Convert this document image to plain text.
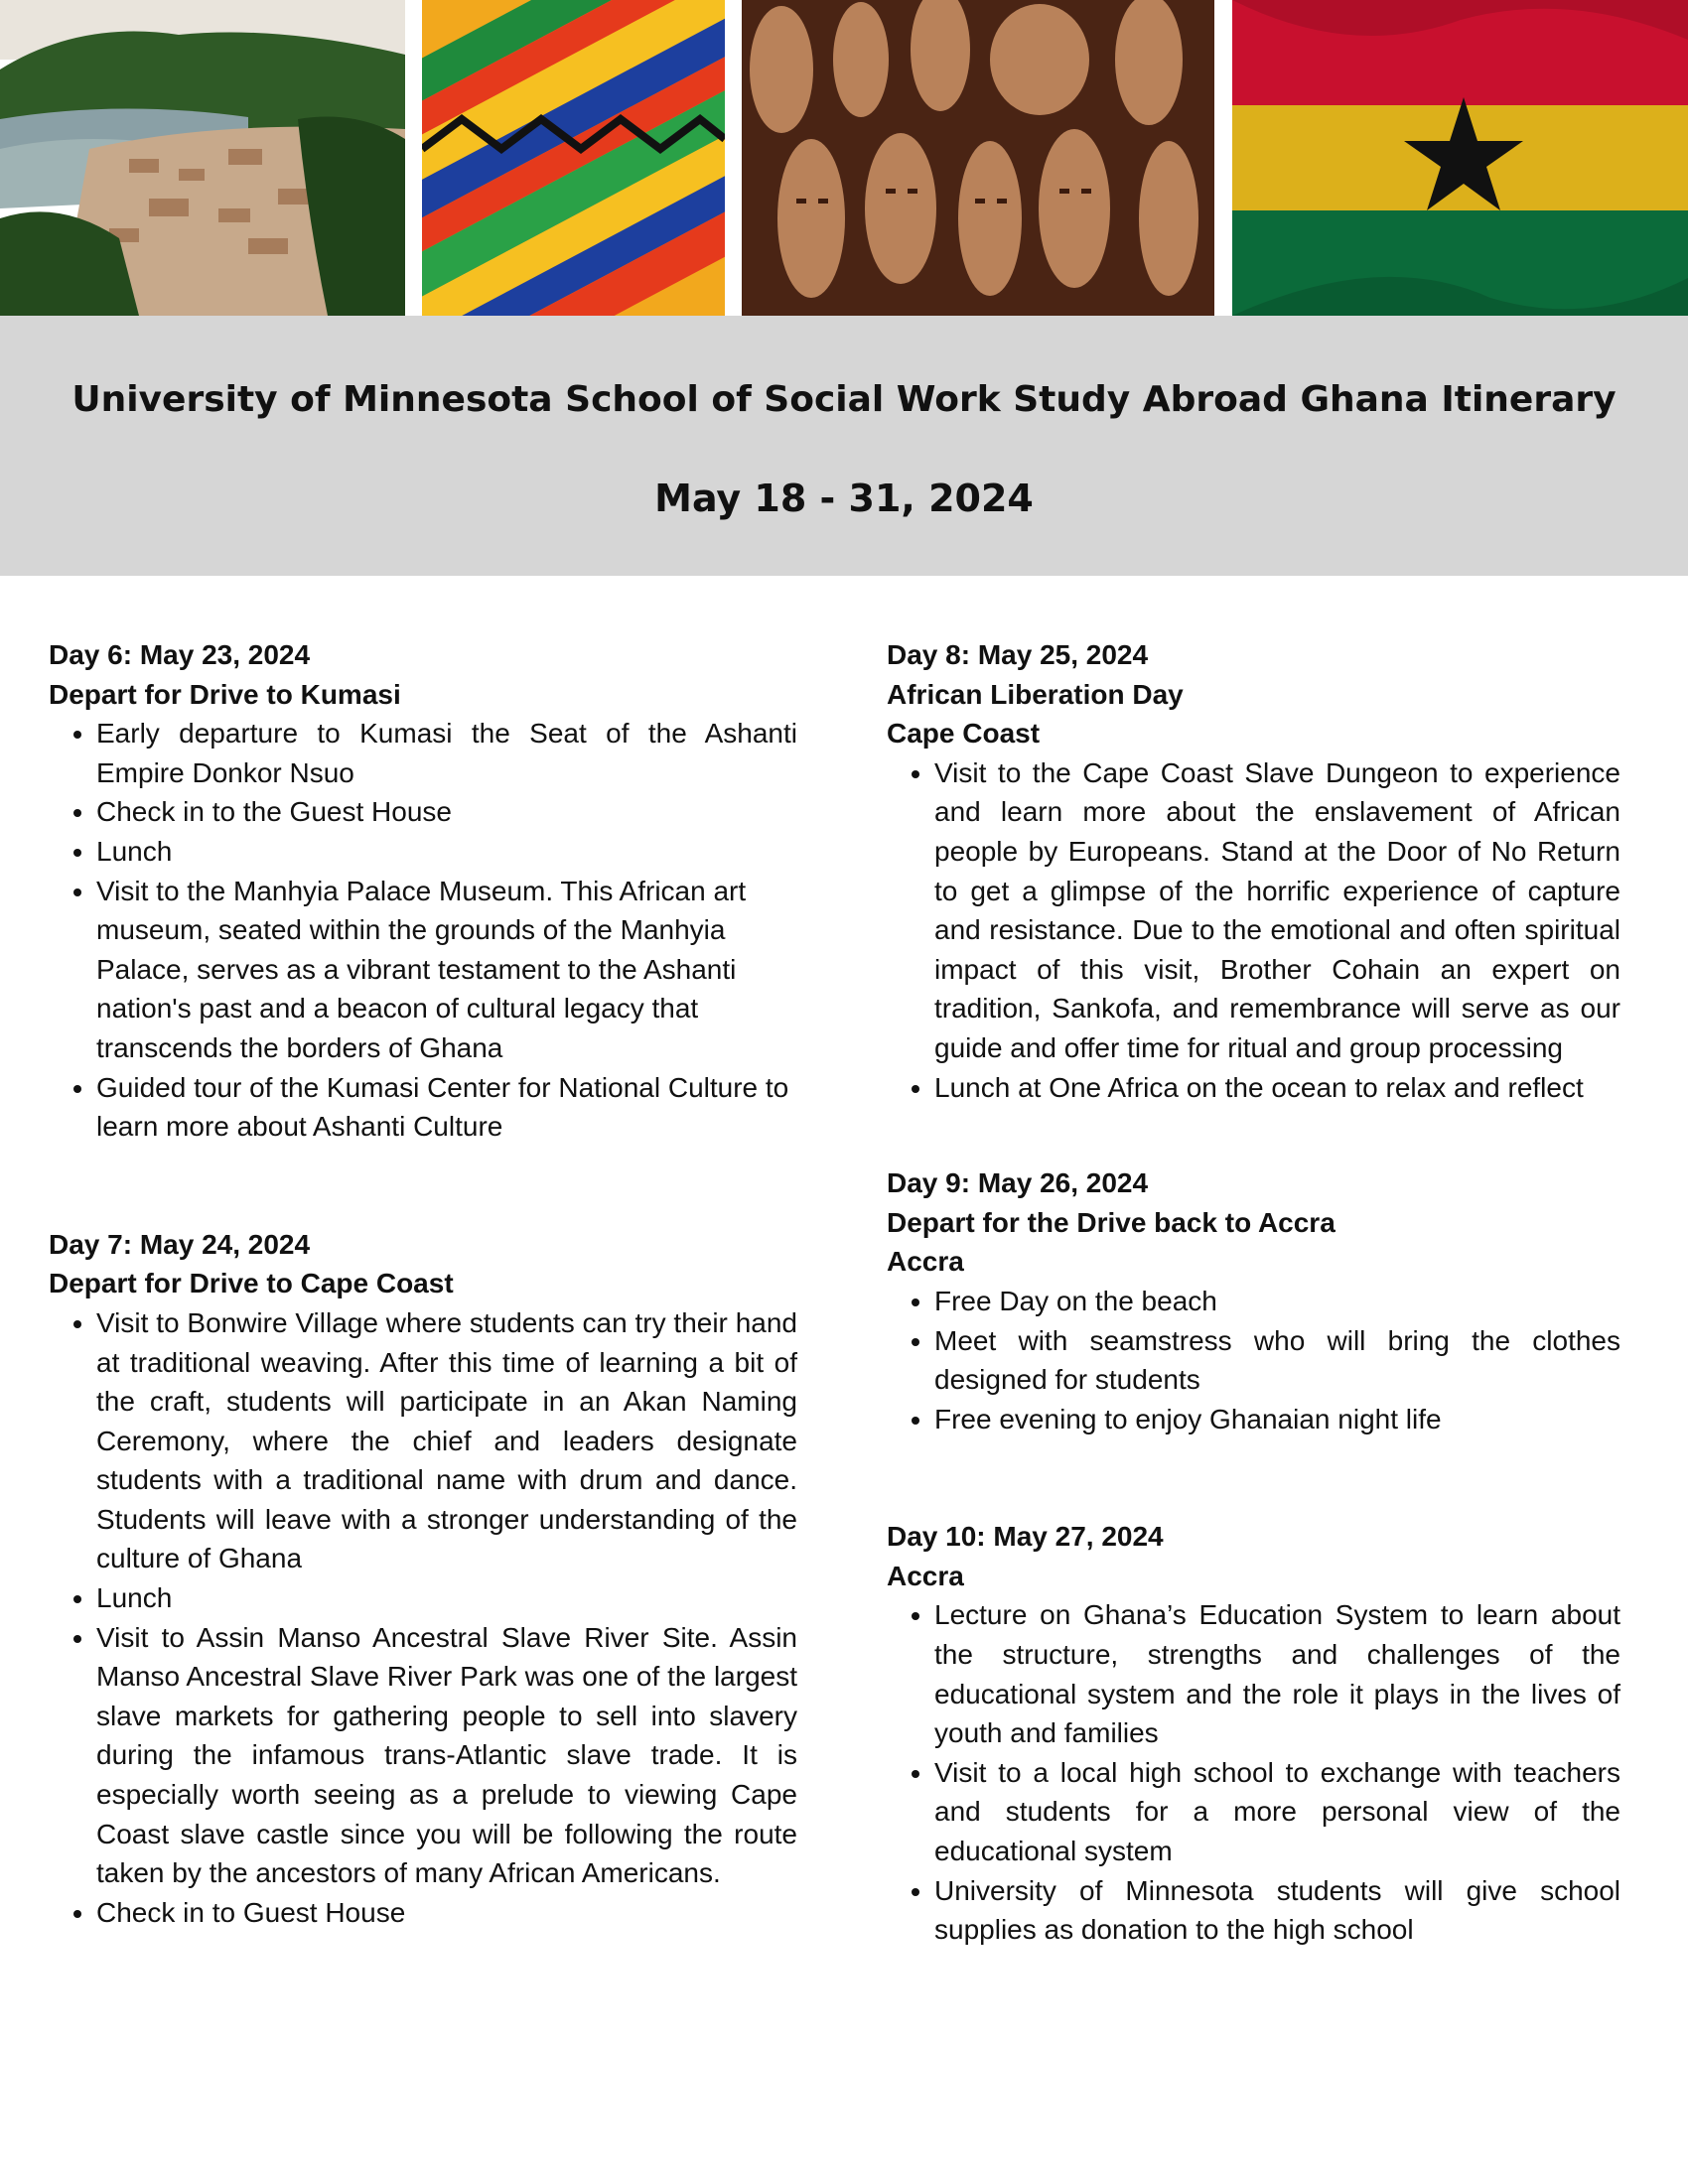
University of Minnesota School of Social Work Study Abroad Ghana Itinerary
May 18 - 31, 2024

Day 6: May 23, 2024

Depart for Drive to Kumasi

• Early departure to Kumasi the Seat of the Ashanti Empire Donkor Nsuo
• Check in to the Guest House
• Lunch
• Visit to the Manhyia Palace Museum. This African art museum, seated within the grounds of the Manhyia Palace, serves as a vibrant testament to the Ashanti nation's past and a beacon of cultural legacy that transcends the borders of Ghana
• Guided tour of the Kumasi Center for National Culture to learn more about Ashanti Culture

Day 7: May 24, 2024

Depart for Drive to Cape Coast

• Visit to Bonwire Village where students can try their hand at traditional weaving. After this time of learning a bit of the craft, students will participate in an Akan Naming Ceremony, where the chief and leaders designate students with a traditional name with drum and dance. Students will leave with a stronger understanding of the culture of Ghana
• Lunch
• Visit to Assin Manso Ancestral Slave River Site. Assin Manso Ancestral Slave River Park was one of the largest slave markets for gathering people to sell into slavery during the infamous trans-Atlantic slave trade. It is especially worth seeing as a prelude to viewing Cape Coast slave castle since you will be following the route taken by the ancestors of many African Americans.
• Check in to Guest House

Day 8: May 25, 2024

African Liberation Day

Cape Coast

• Visit to the Cape Coast Slave Dungeon to experience and learn more about the enslavement of African people by Europeans. Stand at the Door of No Return to get a glimpse of the horrific experience of capture and resistance. Due to the emotional and often spiritual impact of this visit, Brother Cohain an expert on tradition, Sankofa, and remembrance will serve as our guide and offer time for ritual and group processing
• Lunch at One Africa on the ocean to relax and reflect

Day 9: May 26, 2024

Depart for the Drive back to Accra

Accra

• Free Day on the beach
• Meet with seamstress who will bring the clothes designed for students
• Free evening to enjoy Ghanaian night life

Day 10: May 27, 2024

Accra

• Lecture on Ghana’s Education System to learn about the structure, strengths and challenges of the educational system and the role it plays in the lives of youth and families
• Visit to a local high school to exchange with teachers and students for a more personal view of the educational system
• University of Minnesota students will give school supplies as donation to the high school
